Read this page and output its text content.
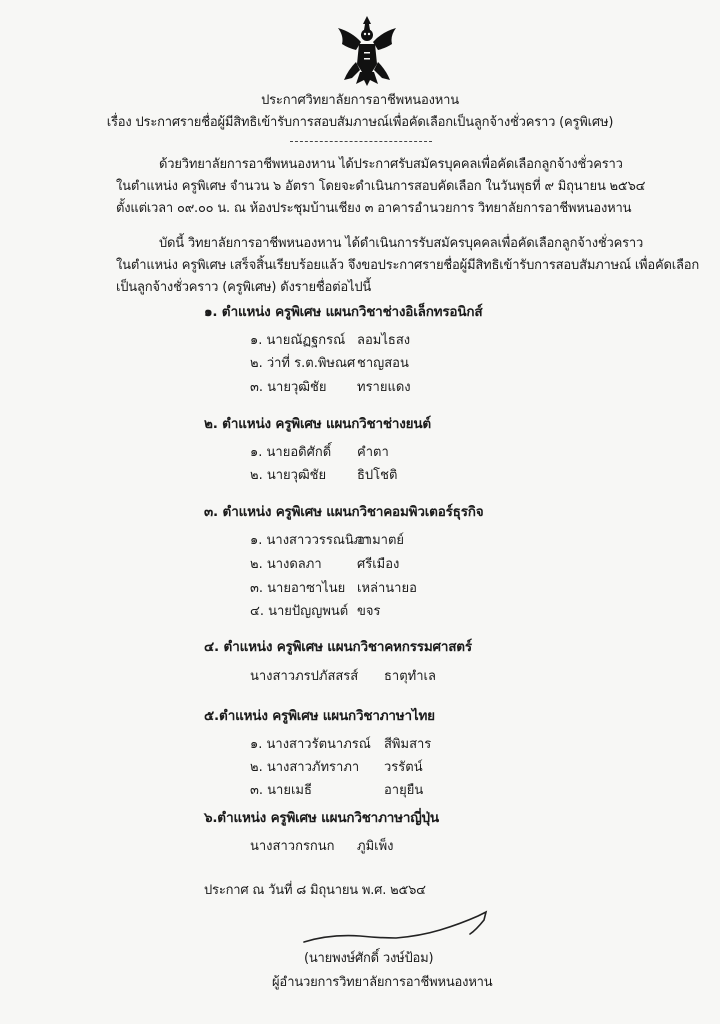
ประกาศวิทยาลัยการอาชีพหนองหาน
เรื่อง ประกาศรายชื่อผู้มีสิทธิเข้ารับการสอบสัมภาษณ์เพื่อคัดเลือกเป็นลูกจ้างชั่วคราว (ครูพิเศษ)
ด้วยวิทยาลัยการอาชีพหนองหาน ได้ประกาศรับสมัครบุคคลเพื่อคัดเลือกลูกจ้างชั่วคราว
ในตำแหน่ง ครูพิเศษ จำนวน ๖ อัตรา โดยจะดำเนินการสอบคัดเลือก ในวันพุธที่ ๙ มิถุนายน ๒๕๖๔
ตั้งแต่เวลา ๐๙.๐๐ น. ณ ห้องประชุมบ้านเชียง ๓ อาคารอำนวยการ วิทยาลัยการอาชีพหนองหาน
บัดนี้ วิทยาลัยการอาชีพหนองหาน ได้ดำเนินการรับสมัครบุคคลเพื่อคัดเลือกลูกจ้างชั่วคราว
ในตำแหน่ง ครูพิเศษ เสร็จสิ้นเรียบร้อยแล้ว จึงขอประกาศรายชื่อผู้มีสิทธิเข้ารับการสอบสัมภาษณ์ เพื่อคัดเลือก
เป็นลูกจ้างชั่วคราว (ครูพิเศษ) ดังรายชื่อต่อไปนี้
๑. ตำแหน่ง ครูพิเศษ แผนกวิชาช่างอิเล็กทรอนิกส์
๑. นายณัฏฐกรณ์ ลอมไธสง
๒. ว่าที่ ร.ต.พิษณศ ชาญสอน
๓. นายวุฒิชัย ทรายแดง
๒. ตำแหน่ง ครูพิเศษ แผนกวิชาช่างยนต์
๑. นายอดิศักดิ์ คำตา
๒. นายวุฒิชัย ธิปโชติ
๓. ตำแหน่ง ครูพิเศษ แผนกวิชาคอมพิวเตอร์ธุรกิจ
๑. นางสาววรรณนิภา
อามาตย์
๒. นางดลภา	ศรีเมือง
๓. นายอาซาไนย เหล่านายอ
๔. นายปัญญพนต์ ขจร
๔. ตำแหน่ง ครูพิเศษ แผนกวิชาคหกรรมศาสตร์
นางสาวภรปภัสสรส์ ธาตุทำเล
๕.ตำแหน่ง ครูพิเศษ แผนกวิชาภาษาไทย
๑. นางสาวรัตนาภรณ์ สีพิมสาร
๒. นางสาวภัทราภา วรรัตน์
๓. นายเมธี	อายุยืน
๖.ตำแหน่ง ครูพิเศษ แผนกวิชาภาษาญี่ปุ่น
นางสาวกรกนก ภูมิเพ็ง
ประกาศ ณ วันที่ ๘ มิถุนายน พ.ศ. ๒๕๖๔
(นายพงษ์ศักดิ์ วงษ์ป้อม)
ผู้อำนวยการวิทยาลัยการอาชีพหนองหาน
